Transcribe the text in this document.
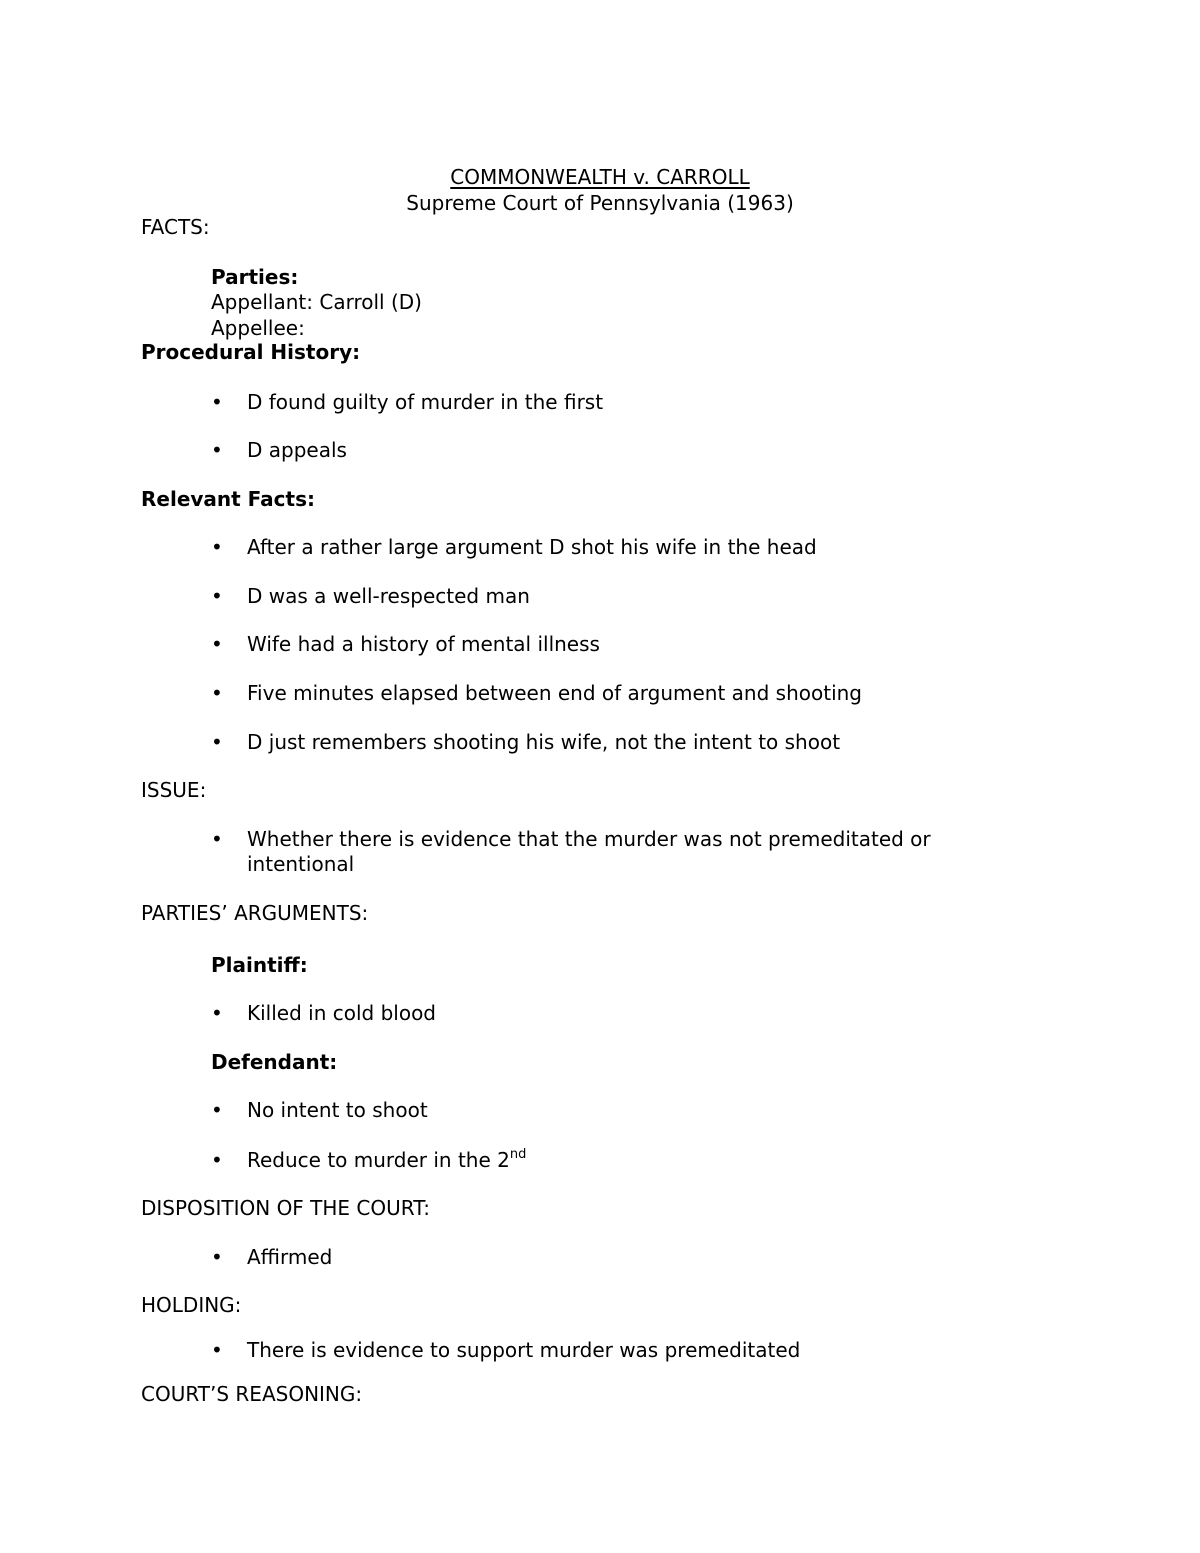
COMMONWEALTH v. CARROLL
Supreme Court of Pennsylvania (1963)
FACTS:
Parties:
Appellant: Carroll (D)
Appellee:
Procedural History:
• D found guilty of murder in the first
• D appeals
Relevant Facts:
• After a rather large argument D shot his wife in the head
• D was a well-respected man
• Wife had a history of mental illness
• Five minutes elapsed between end of argument and shooting
• D just remembers shooting his wife, not the intent to shoot
ISSUE:
• Whether there is evidence that the murder was not premeditated or
intentional
PARTIES’ ARGUMENTS:
Plaintiff:
• Killed in cold blood
Defendant:
• No intent to shoot
• Reduce to murder in the 2nd
DISPOSITION OF THE COURT:
• Affirmed
HOLDING:
• There is evidence to support murder was premeditated
COURT’S REASONING:
